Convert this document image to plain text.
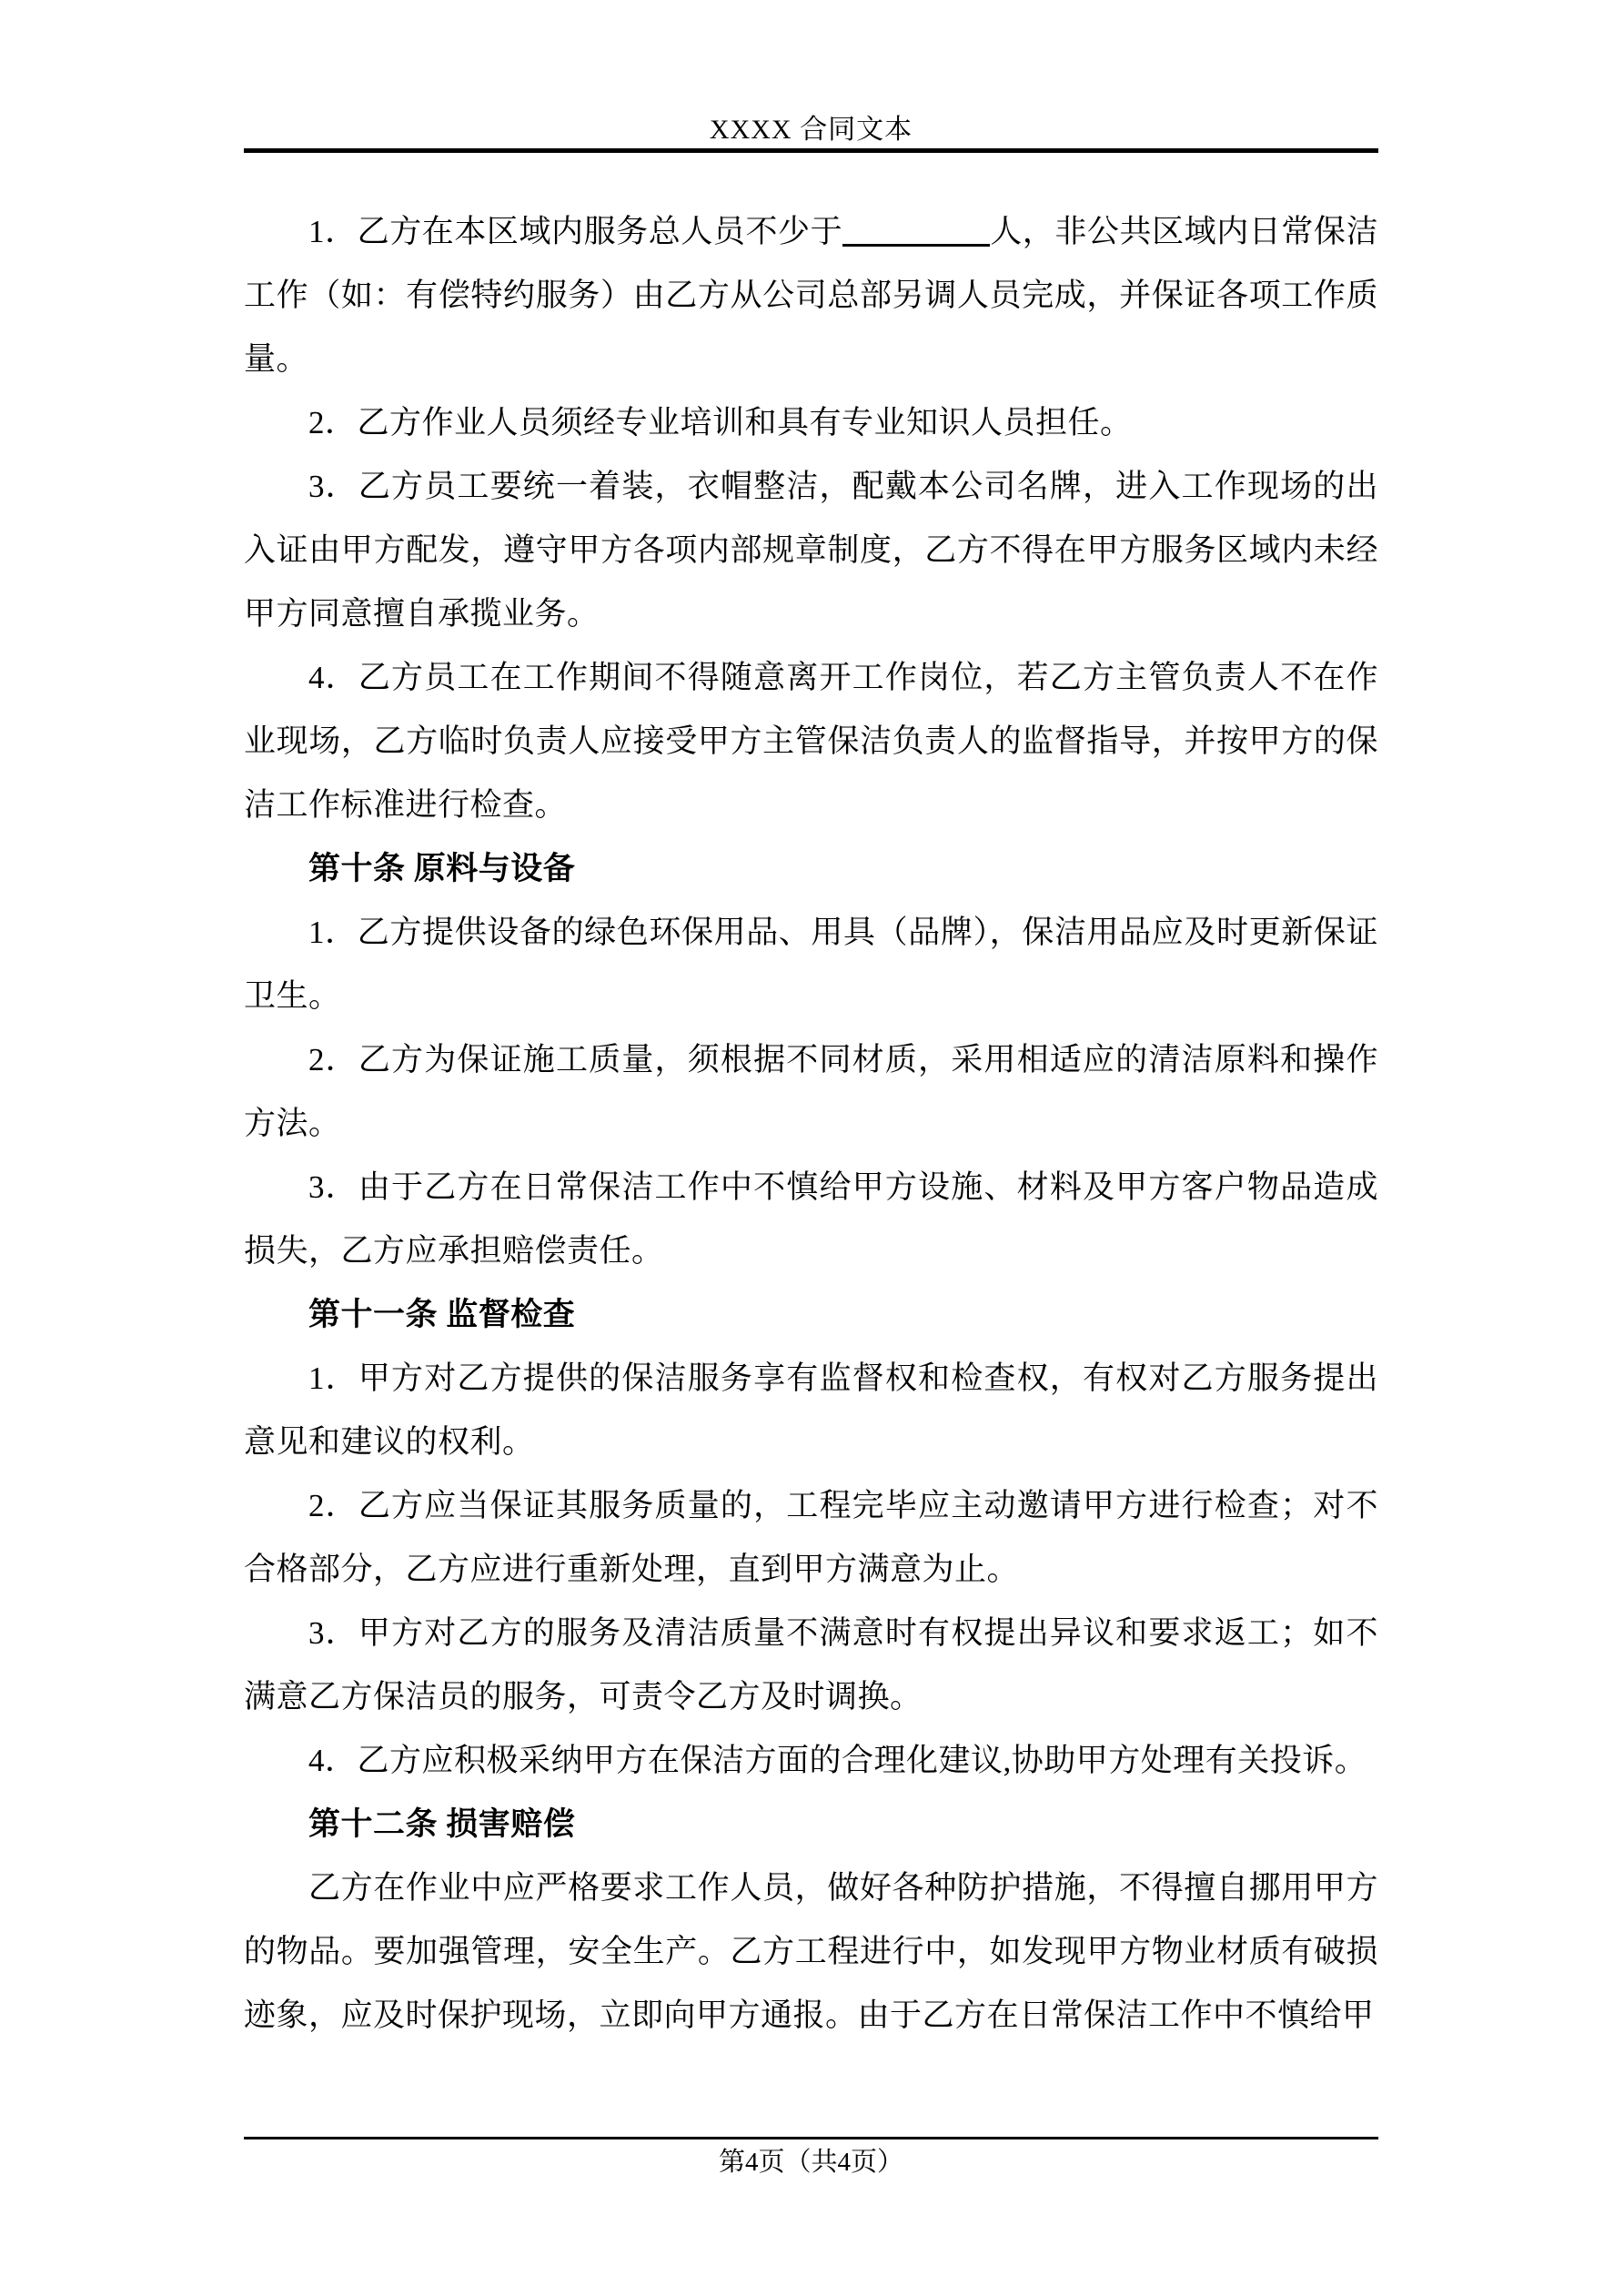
XXXX 合同文本

1．乙方在本区域内服务总人员不少于	人，非公共区域内日常保洁工作（如：有偿特约服务）由乙方从公司总部另调人员完成，并保证各项工作质量。

2．乙方作业人员须经专业培训和具有专业知识人员担任。

3．乙方员工要统一着装，衣帽整洁，配戴本公司名牌，进入工作现场的出入证由甲方配发，遵守甲方各项内部规章制度，乙方不得在甲方服务区域内未经甲方同意擅自承揽业务。

4．乙方员工在工作期间不得随意离开工作岗位，若乙方主管负责人不在作业现场，乙方临时负责人应接受甲方主管保洁负责人的监督指导，并按甲方的保洁工作标准进行检查。

第十条 原料与设备

1．乙方提供设备的绿色环保用品、用具（品牌），保洁用品应及时更新保证卫生。

2．乙方为保证施工质量，须根据不同材质，采用相适应的清洁原料和操作方法。

3．由于乙方在日常保洁工作中不慎给甲方设施、材料及甲方客户物品造成损失，乙方应承担赔偿责任。

第十一条 监督检查

1．甲方对乙方提供的保洁服务享有监督权和检查权，有权对乙方服务提出意见和建议的权利。

2．乙方应当保证其服务质量的，工程完毕应主动邀请甲方进行检查；对不合格部分，乙方应进行重新处理，直到甲方满意为止。

3．甲方对乙方的服务及清洁质量不满意时有权提出异议和要求返工；如不满意乙方保洁员的服务，可责令乙方及时调换。

4．乙方应积极采纳甲方在保洁方面的合理化建议,协助甲方处理有关投诉。

第十二条 损害赔偿

乙方在作业中应严格要求工作人员，做好各种防护措施，不得擅自挪用甲方的物品。要加强管理，安全生产。乙方工程进行中，如发现甲方物业材质有破损迹象，应及时保护现场，立即向甲方通报。由于乙方在日常保洁工作中不慎给甲

第4页（共4页）
